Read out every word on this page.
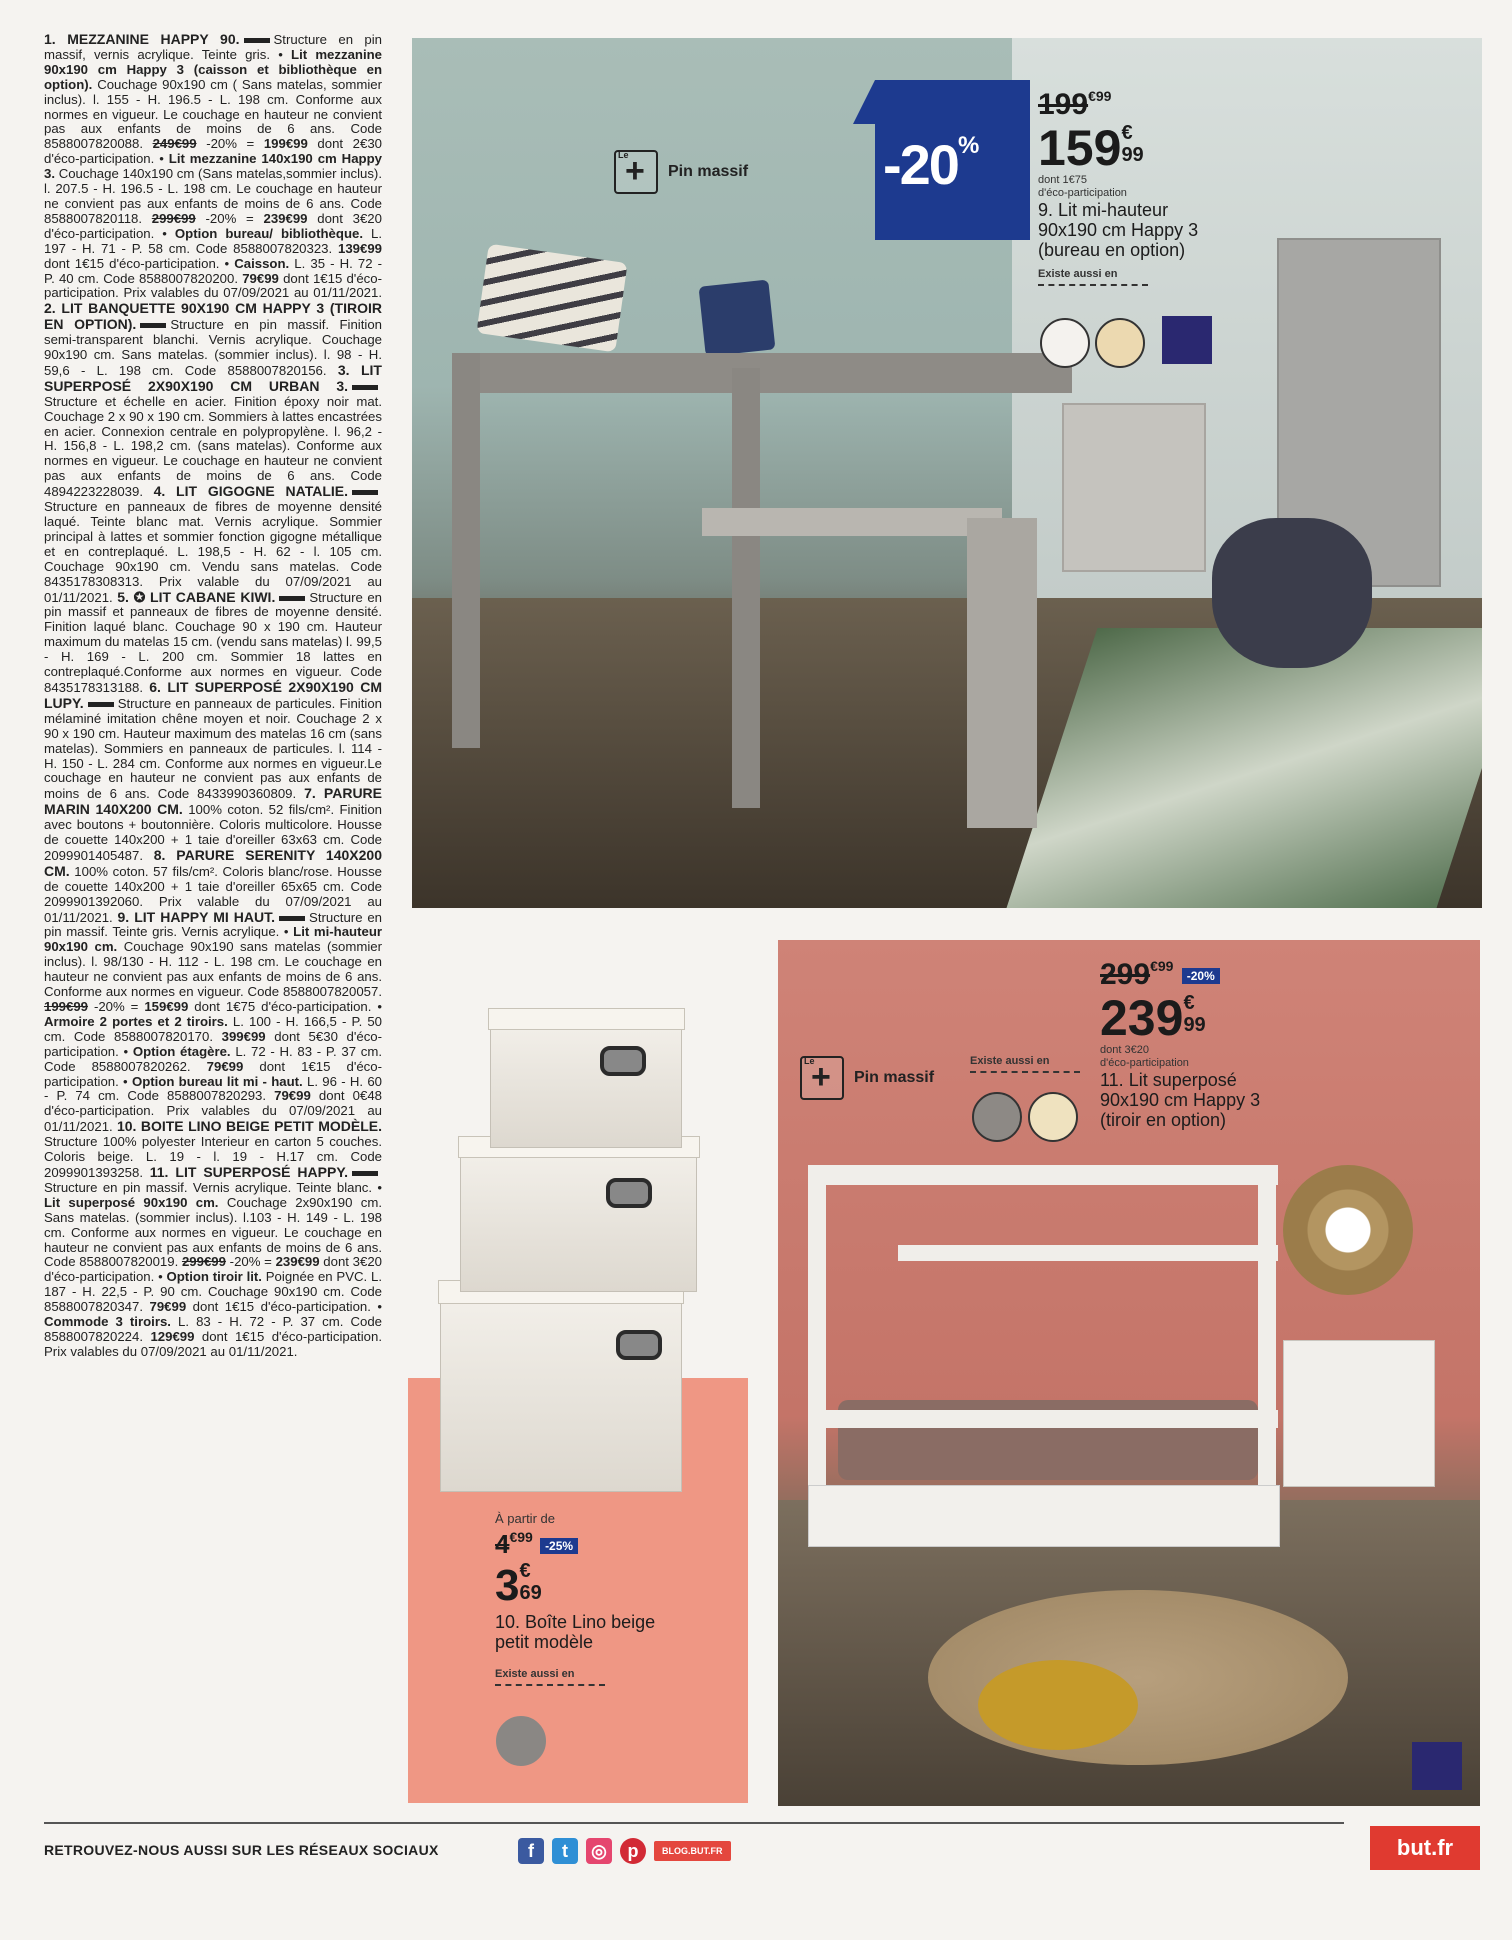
1. MEZZANINE HAPPY 90.	Structure en pin massif, vernis acrylique. Teinte gris. • Lit mezzanine 90x190 cm Happy 3 (caisson et bibliothèque en option). Couchage 90x190 cm ( Sans matelas, sommier inclus). l. 155 - H. 196.5 - L. 198 cm. Conforme aux normes en vigueur. Le couchage en hauteur ne convient pas aux enfants de moins de 6 ans. Code 8588007820088. 249€99 -20% = 199€99 dont 2€30 d'éco-participation. • Lit mezzanine 140x190 cm Happy 3. Couchage 140x190 cm (Sans matelas,sommier inclus). l. 207.5 - H. 196.5 - L. 198 cm. Le couchage en hauteur ne convient pas aux enfants de moins de 6 ans. Code 8588007820118. 299€99 -20% = 239€99 dont 3€20 d'éco-participation. • Option bureau/ bibliothèque. L. 197 - H. 71 - P. 58 cm. Code 8588007820323. 139€99 dont 1€15 d'éco-participation. • Caisson. L. 35 - H. 72 - P. 40 cm. Code 8588007820200. 79€99 dont 1€15 d'éco-participation. Prix valables du 07/09/2021 au 01/11/2021. 2. LIT BANQUETTE 90X190 CM HAPPY 3 (TIROIR EN OPTION).	Structure en pin massif. Finition semi-transparent blanchi. Vernis acrylique. Couchage 90x190 cm. Sans matelas. (sommier inclus). l. 98 - H. 59,6 - L. 198 cm. Code 8588007820156. 3. LIT SUPERPOSÉ 2X90X190 CM URBAN 3.Structure et échelle en acier. Finition époxy noir mat. Couchage 2 x 90 x 190 cm. Sommiers à lattes encastrées en acier. Connexion centrale en polypropylène. l. 96,2 - H. 156,8 - L. 198,2 cm. (sans matelas). Conforme aux normes en vigueur. Le couchage en hauteur ne convient pas aux enfants de moins de 6 ans. Code 4894223228039. 4. LIT GIGOGNE NATALIE.Structure en panneaux de fibres de moyenne densité laqué. Teinte blanc mat. Vernis acrylique. Sommier principal à lattes et sommier fonction gigogne métallique et en contreplaqué. L. 198,5 - H. 62 - l. 105 cm. Couchage 90x190 cm. Vendu sans matelas. Code 8435178308313. Prix valable du 07/09/2021 au 01/11/2021. 5. ✪ LIT CABANE KIWI.	Structure en pin massif et panneaux de fibres de moyenne densité. Finition laqué blanc. Couchage 90 x 190 cm. Hauteur maximum du matelas 15 cm. (vendu sans matelas) l. 99,5 - H. 169 - L. 200 cm. Sommier 18 lattes en contreplaqué.Conforme aux normes en vigueur. Code 8435178313188. 6. LIT SUPERPOSÉ 2X90X190 CM LUPY.	Structure en panneaux de particules. Finition mélaminé imitation chêne moyen et noir. Couchage 2 x 90 x 190 cm. Hauteur maximum des matelas 16 cm (sans matelas). Sommiers en panneaux de particules. l. 114 - H. 150 - L. 284 cm. Conforme aux normes en vigueur.Le couchage en hauteur ne convient pas aux enfants de moins de 6 ans. Code 8433990360809. 7. PARURE MARIN 140X200 CM. 100% coton. 52 fils/cm². Finition avec boutons + boutonnière. Coloris multicolore. Housse de couette 140x200 + 1 taie d'oreiller 63x63 cm. Code 2099901405487. 8. PARURE SERENITY 140X200 CM. 100% coton. 57 fils/cm². Coloris blanc/rose. Housse de couette 140x200 + 1 taie d'oreiller 65x65 cm. Code 2099901392060. Prix valable du 07/09/2021 au 01/11/2021. 9. LIT HAPPY MI HAUT.	Structure en pin massif. Teinte gris. Vernis acrylique. • Lit mi-hauteur 90x190 cm. Couchage 90x190 sans matelas (sommier inclus). l. 98/130 - H. 112 - L. 198 cm. Le couchage en hauteur ne convient pas aux enfants de moins de 6 ans. Conforme aux normes en vigueur. Code 8588007820057. 199€99 -20% = 159€99 dont 1€75 d'éco-participation. • Armoire 2 portes et 2 tiroirs. L. 100 - H. 166,5 - P. 50 cm. Code 8588007820170. 399€99 dont 5€30 d'éco-participation. • Option étagère. L. 72 - H. 83 - P. 37 cm. Code 8588007820262. 79€99 dont 1€15 d'éco-participation. • Option bureau lit mi - haut. L. 96 - H. 60 - P. 74 cm. Code 8588007820293. 79€99 dont 0€48 d'éco-participation. Prix valables du 07/09/2021 au 01/11/2021. 10. BOITE LINO BEIGE PETIT MODÈLE. Structure 100% polyester Interieur en carton 5 couches. Coloris beige. L. 19 - l. 19 - H.17 cm. Code 2099901393258. 11. LIT SUPERPOSÉ HAPPY.Structure en pin massif. Vernis acrylique. Teinte blanc. • Lit superposé 90x190 cm. Couchage 2x90x190 cm. Sans matelas. (sommier inclus). l.103 - H. 149 - L. 198 cm. Conforme aux normes en vigueur. Le couchage en hauteur ne convient pas aux enfants de moins de 6 ans. Code 8588007820019. 299€99 -20% = 239€99 dont 3€20 d'éco-participation. • Option tiroir lit. Poignée en PVC. L. 187 - H. 22,5 - P. 90 cm. Couchage 90x190 cm. Code 8588007820347. 79€99 dont 1€15 d'éco-participation. • Commode 3 tiroirs. L. 83 - H. 72 - P. 37 cm. Code 8588007820224. 129€99 dont 1€15 d'éco-participation. Prix valables du 07/09/2021 au 01/11/2021.
+ Le
Pin massif -20%
$199^{€99}$
159€
99
dont 1€75
d'éco-participation
9. Lit mi-hauteur
90x190 cm Happy 3
(bureau en option)
Existe aussi en
À partir de
$4^{€99}$ -25%
3€
69
10. Boîte Lino beige
petit modèle
Existe aussi en
+ Le
Pin massif
Existe aussi en
$299^{€99}$ -20%
239€
99
dont 3€20
d'éco-participation
11. Lit superposé
90x190 cm Happy 3
(tiroir en option)
RETROUVEZ-NOUS AUSSI SUR LES RÉSEAUX SOCIAUX	f	t	◎	p	BLOG.BUT.FR	but.fr
